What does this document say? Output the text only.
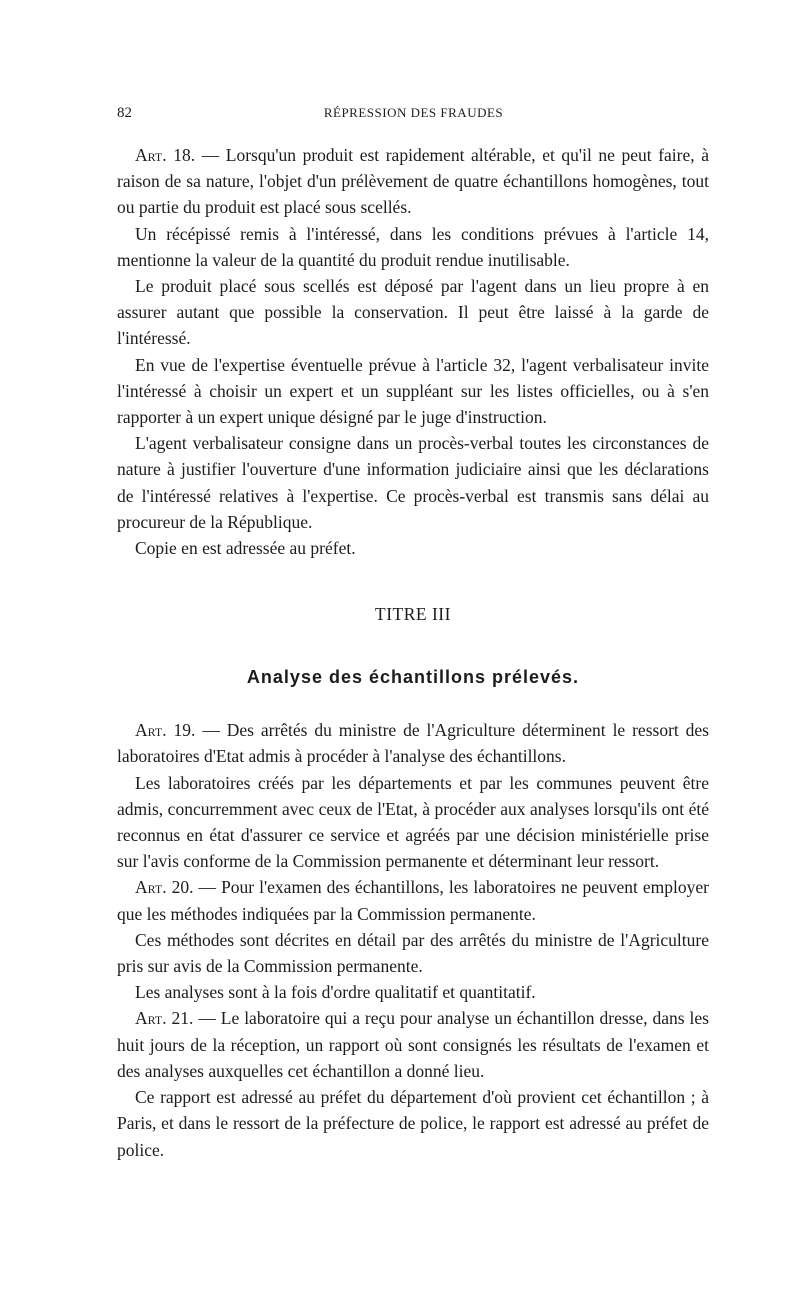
82	RÉPRESSION DES FRAUDES

Art. 18. — Lorsqu'un produit est rapidement altérable, et qu'il ne peut faire, à raison de sa nature, l'objet d'un prélèvement de quatre échantillons homogènes, tout ou partie du produit est placé sous scellés.

Un récépissé remis à l'intéressé, dans les conditions prévues à l'article 14, mentionne la valeur de la quantité du produit rendue inutilisable.

Le produit placé sous scellés est déposé par l'agent dans un lieu propre à en assurer autant que possible la conservation. Il peut être laissé à la garde de l'intéressé.

En vue de l'expertise éventuelle prévue à l'article 32, l'agent verbalisateur invite l'intéressé à choisir un expert et un suppléant sur les listes officielles, ou à s'en rapporter à un expert unique désigné par le juge d'instruction.

L'agent verbalisateur consigne dans un procès-verbal toutes les circonstances de nature à justifier l'ouverture d'une information judiciaire ainsi que les déclarations de l'intéressé relatives à l'expertise. Ce procès-verbal est transmis sans délai au procureur de la République.

Copie en est adressée au préfet.

TITRE III
Analyse des échantillons prélevés.

Art. 19. — Des arrêtés du ministre de l'Agriculture déterminent le ressort des laboratoires d'Etat admis à procéder à l'analyse des échantillons.

Les laboratoires créés par les départements et par les communes peuvent être admis, concurremment avec ceux de l'Etat, à procéder aux analyses lorsqu'ils ont été reconnus en état d'assurer ce service et agréés par une décision ministérielle prise sur l'avis conforme de la Commission permanente et déterminant leur ressort.

Art. 20. — Pour l'examen des échantillons, les laboratoires ne peuvent employer que les méthodes indiquées par la Commission permanente.

Ces méthodes sont décrites en détail par des arrêtés du ministre de l'Agriculture pris sur avis de la Commission permanente.

Les analyses sont à la fois d'ordre qualitatif et quantitatif.

Art. 21. — Le laboratoire qui a reçu pour analyse un échantillon dresse, dans les huit jours de la réception, un rapport où sont consignés les résultats de l'examen et des analyses auxquelles cet échantillon a donné lieu.

Ce rapport est adressé au préfet du département d'où provient cet échantillon ; à Paris, et dans le ressort de la préfecture de police, le rapport est adressé au préfet de police.
